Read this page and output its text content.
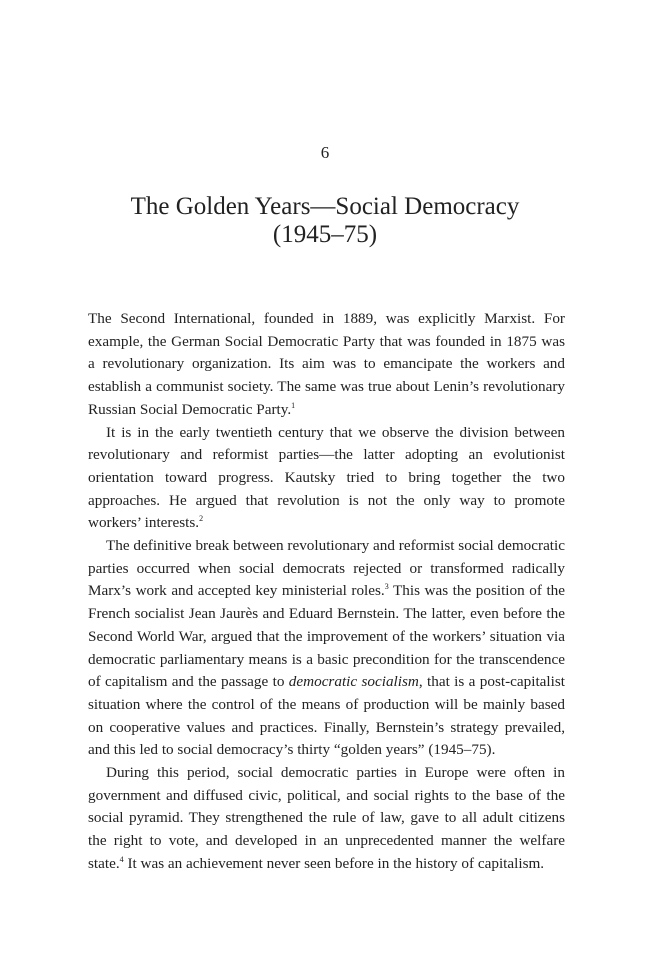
6
The Golden Years—Social Democracy
(1945–75)

The Second International, founded in 1889, was explicitly Marxist. For example, the German Social Democratic Party that was founded in 1875 was a revolutionary organization. Its aim was to emancipate the workers and establish a communist society. The same was true about Lenin’s revolutionary Russian Social Democratic Party.$^1$

It is in the early twentieth century that we observe the division between revolutionary and reformist parties—the latter adopting an evolutionist orientation toward progress. Kautsky tried to bring together the two approaches. He argued that revolution is not the only way to promote workers’ interests.$^2$

The definitive break between revolutionary and reformist social democratic parties occurred when social democrats rejected or transformed radically Marx’s work and accepted key ministerial roles.$^3$ This was the position of the French socialist Jean Jaurès and Eduard Bernstein. The latter, even before the Second World War, argued that the improvement of the workers’ situation via democratic parliamentary means is a basic precondition for the transcendence of capitalism and the passage to democratic socialism, that is a post-capitalist situation where the control of the means of production will be mainly based on cooperative values and practices. Finally, Bernstein’s strategy prevailed, and this led to social democracy’s thirty “golden years” (1945–75).

During this period, social democratic parties in Europe were often in government and diffused civic, political, and social rights to the base of the social pyramid. They strengthened the rule of law, gave to all adult citizens the right to vote, and developed in an unprecedented manner the welfare state.$^4$ It was an achievement never seen before in the history of capitalism.
